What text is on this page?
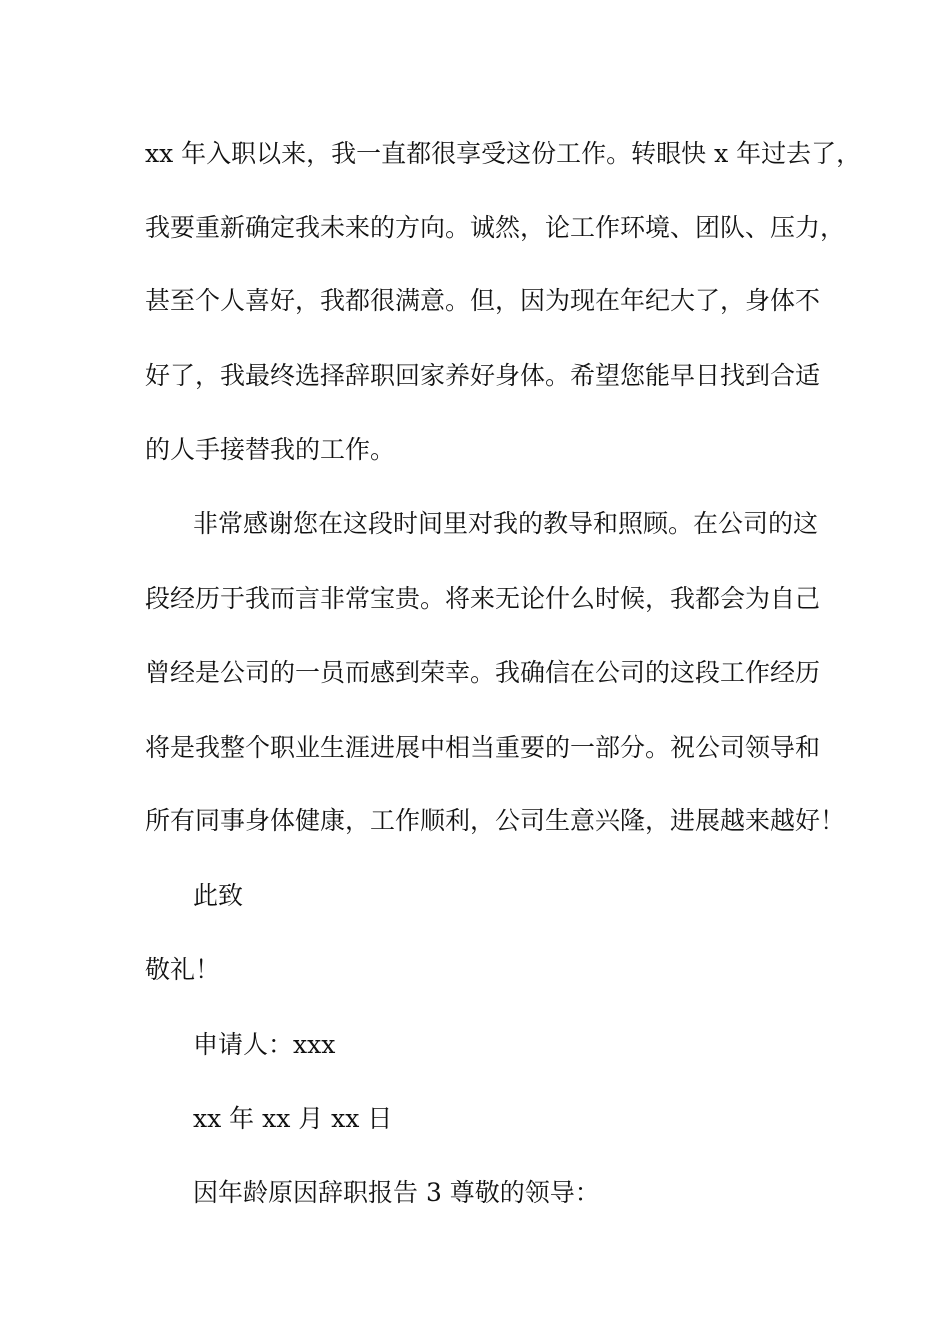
xx 年入职以来，我一直都很享受这份工作。转眼快 x 年过去了，
我要重新确定我未来的方向。诚然，论工作环境、团队、压力，
甚至个人喜好，我都很满意。但，因为现在年纪大了，身体不
好了，我最终选择辞职回家养好身体。希望您能早日找到合适
的人手接替我的工作。
非常感谢您在这段时间里对我的教导和照顾。在公司的这
段经历于我而言非常宝贵。将来无论什么时候，我都会为自己
曾经是公司的一员而感到荣幸。我确信在公司的这段工作经历
将是我整个职业生涯进展中相当重要的一部分。祝公司领导和
所有同事身体健康，工作顺利，公司生意兴隆，进展越来越好！
此致
敬礼！
申请人：xxx
xx 年 xx 月 xx 日
因年龄原因辞职报告 3 尊敬的领导：
